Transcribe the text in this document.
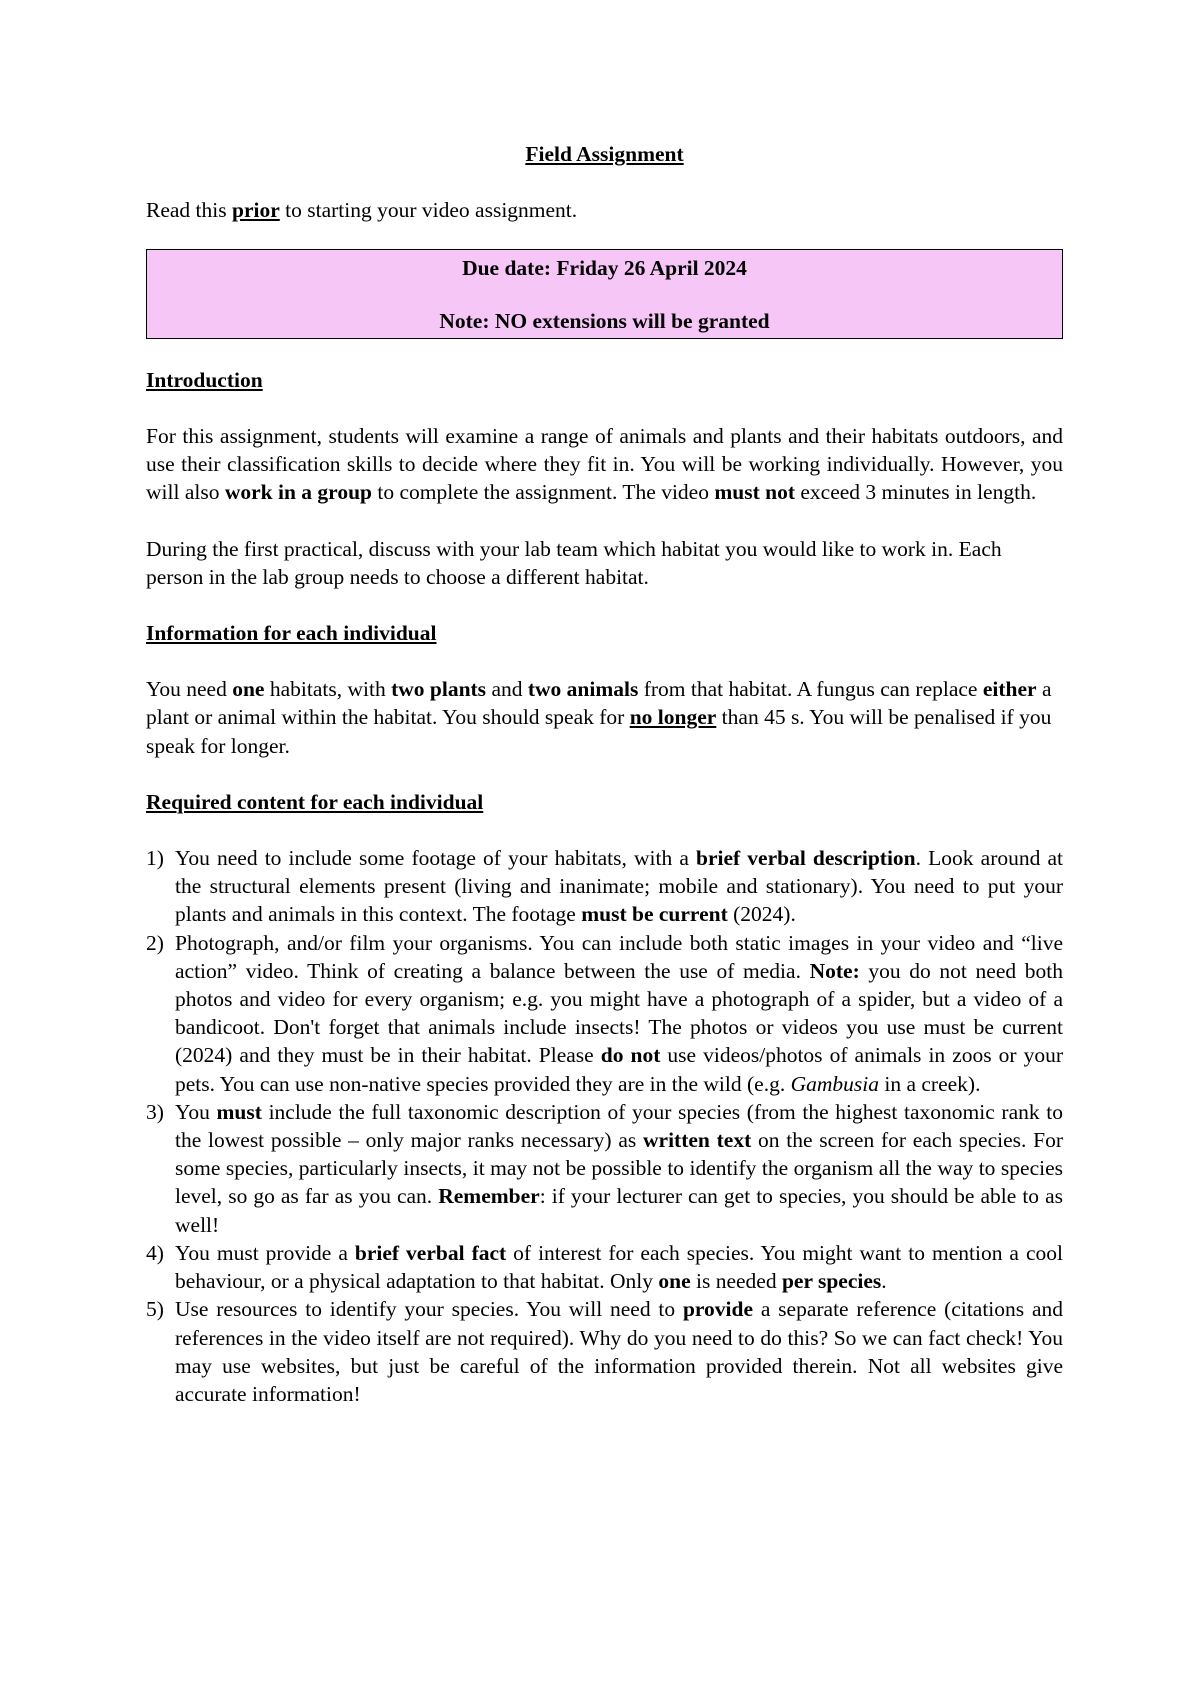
Field Assignment

Read this prior to starting your video assignment.

Due date: Friday 26 April 2024
Note: NO extensions will be granted

Introduction

For this assignment, students will examine a range of animals and plants and their habitats outdoors, and use their classification skills to decide where they fit in. You will be working individually. However, you will also work in a group to complete the assignment. The video must not exceed 3 minutes in length.

During the first practical, discuss with your lab team which habitat you would like to work in. Each person in the lab group needs to choose a different habitat.

Information for each individual

You need one habitats, with two plants and two animals from that habitat. A fungus can replace either a plant or animal within the habitat. You should speak for no longer than 45 s. You will be penalised if you speak for longer.

Required content for each individual

1) You need to include some footage of your habitats, with a brief verbal description. Look around at the structural elements present (living and inanimate; mobile and stationary). You need to put your plants and animals in this context. The footage must be current (2024).
2) Photograph, and/or film your organisms. You can include both static images in your video and “live action” video. Think of creating a balance between the use of media. Note: you do not need both photos and video for every organism; e.g. you might have a photograph of a spider, but a video of a bandicoot. Don't forget that animals include insects! The photos or videos you use must be current (2024) and they must be in their habitat. Please do not use videos/photos of animals in zoos or your pets. You can use non-native species provided they are in the wild (e.g. Gambusia in a creek).
3) You must include the full taxonomic description of your species (from the highest taxonomic rank to the lowest possible – only major ranks necessary) as written text on the screen for each species. For some species, particularly insects, it may not be possible to identify the organism all the way to species level, so go as far as you can. Remember: if your lecturer can get to species, you should be able to as well!
4) You must provide a brief verbal fact of interest for each species. You might want to mention a cool behaviour, or a physical adaptation to that habitat. Only one is needed per species.
5) Use resources to identify your species. You will need to provide a separate reference (citations and references in the video itself are not required). Why do you need to do this? So we can fact check! You may use websites, but just be careful of the information provided therein. Not all websites give accurate information!
